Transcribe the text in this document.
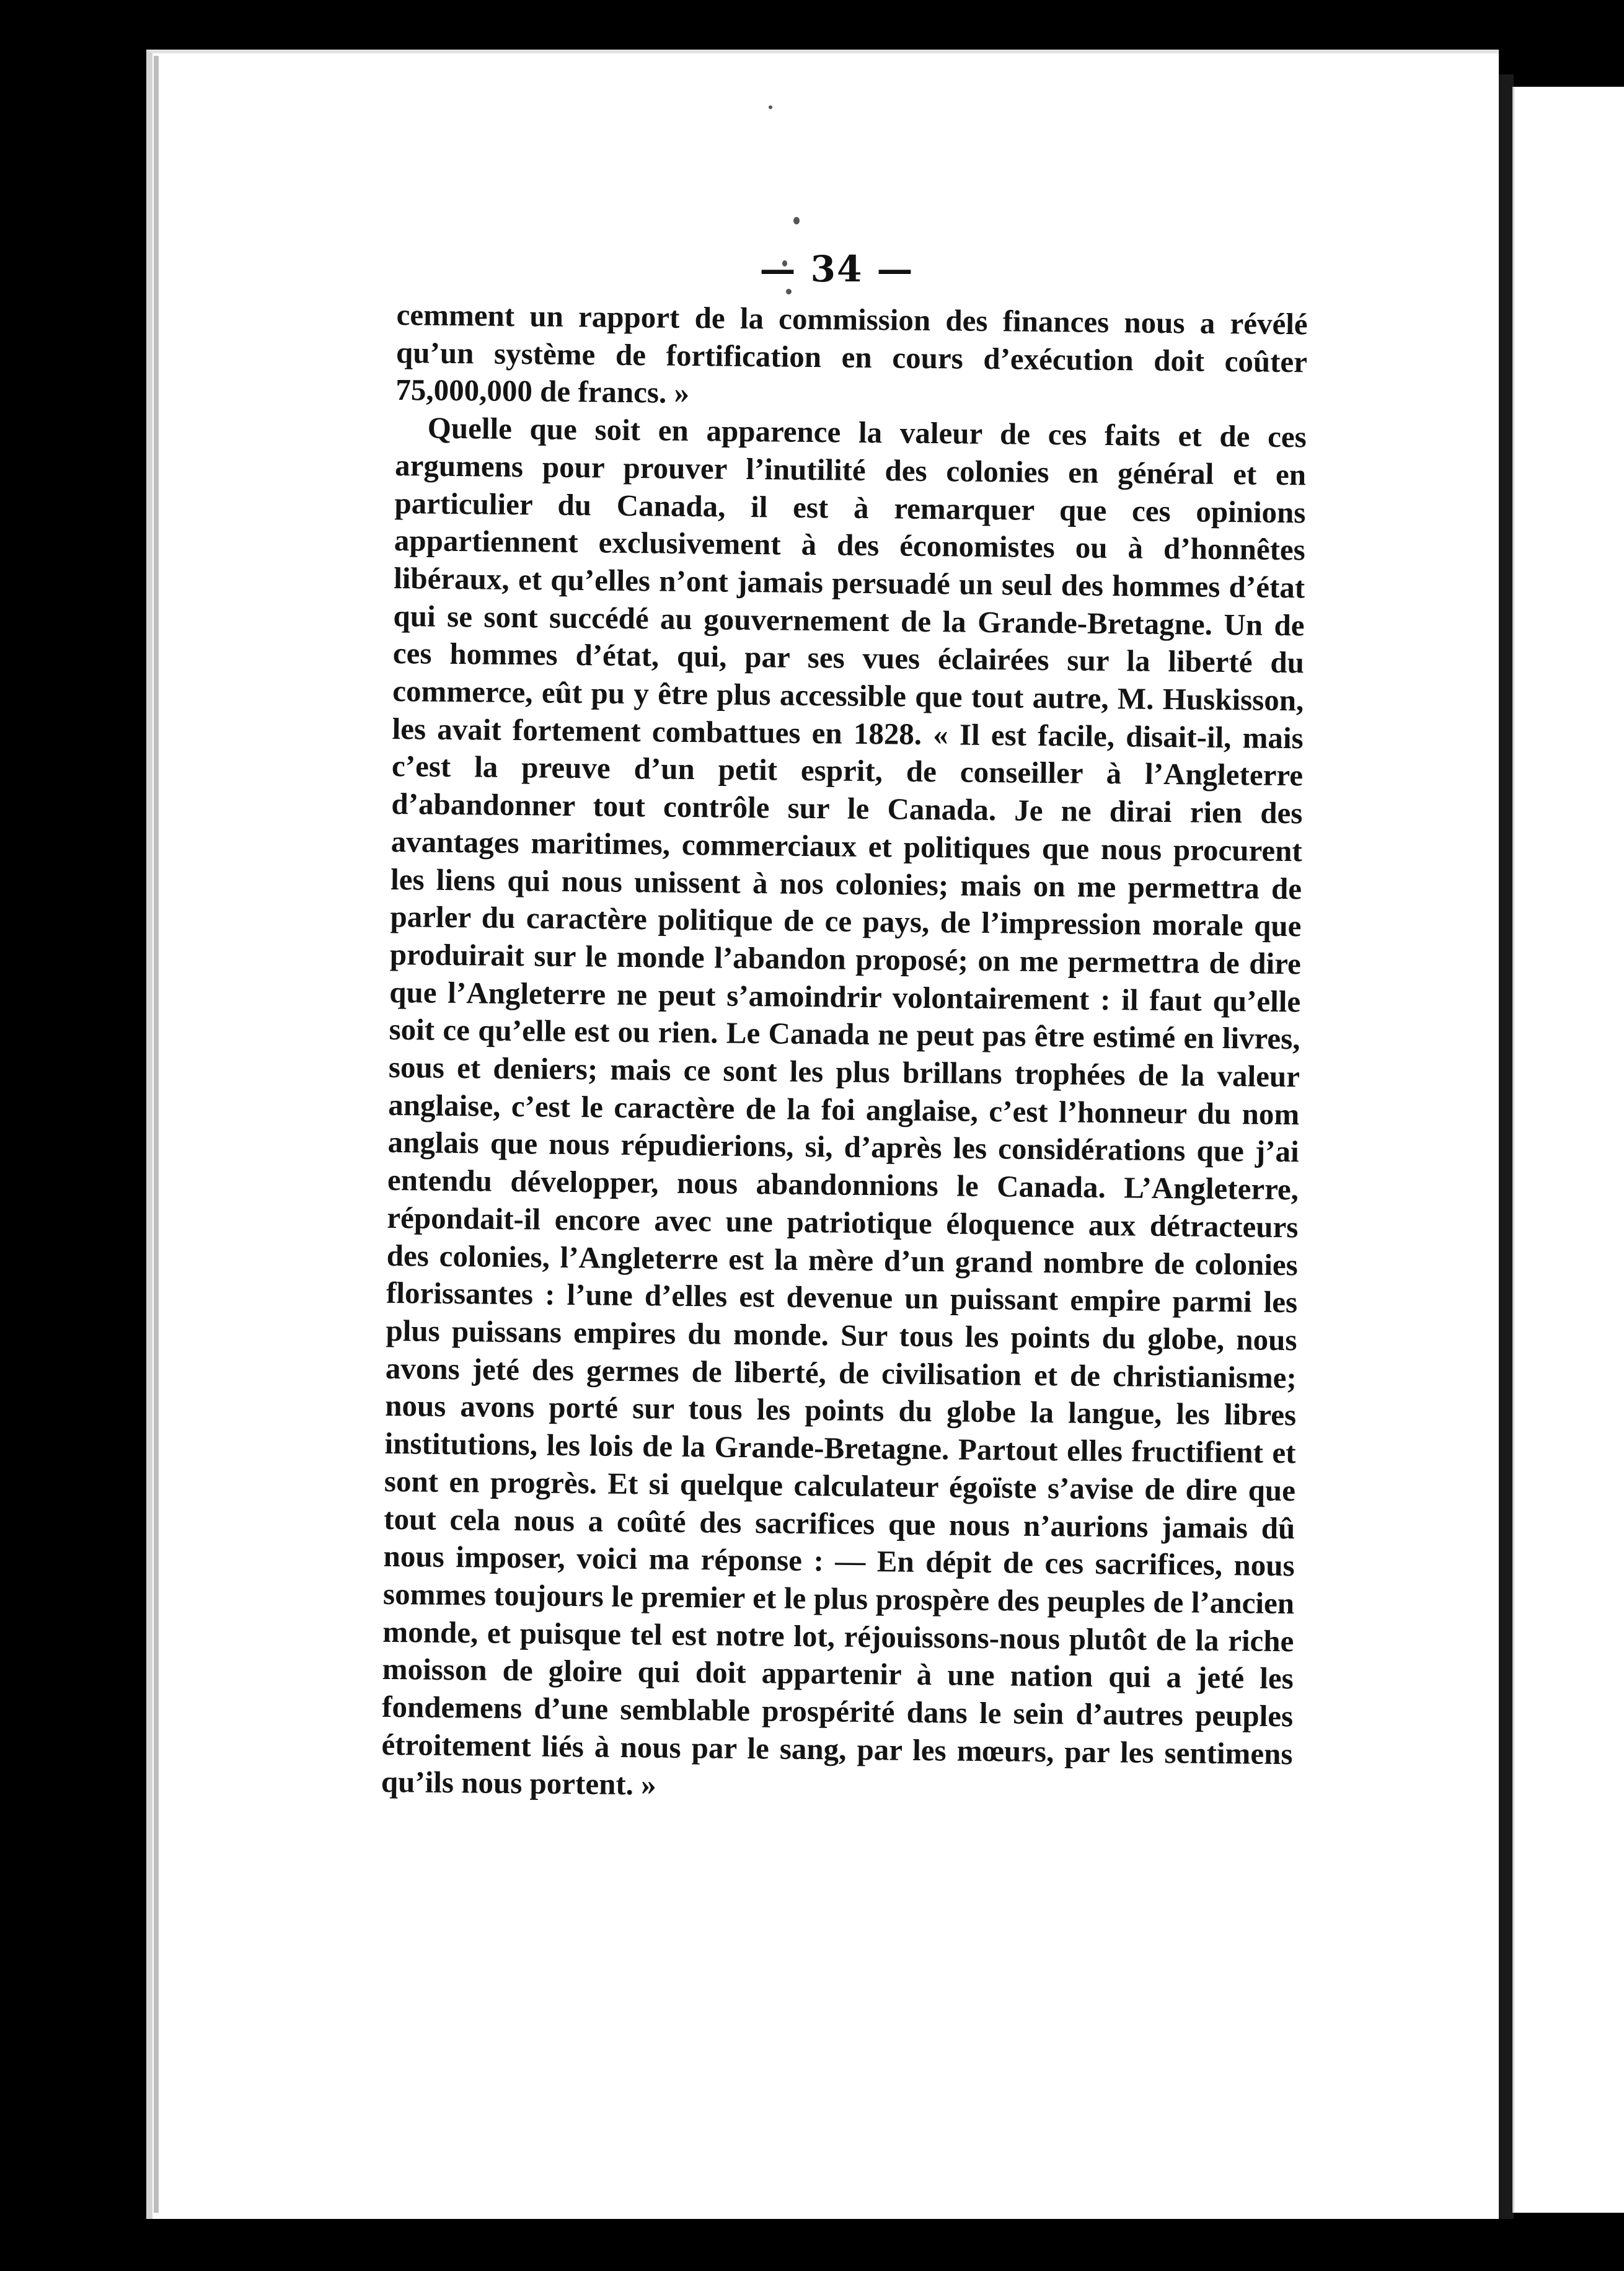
— 34 —

cemment un rapport de la commission des finances nous a révélé qu’un système de fortification en cours d’exécution doit coûter 75,000,000 de francs. »

Quelle que soit en apparence la valeur de ces faits et de ces argumens pour prouver l’inutilité des colonies en général et en particulier du Canada, il est à remarquer que ces opinions appartiennent exclusivement à des économistes ou à d’honnêtes libéraux, et qu’elles n’ont jamais persuadé un seul des hommes d’état qui se sont succédé au gouvernement de la Grande-Bretagne. Un de ces hommes d’état, qui, par ses vues éclairées sur la liberté du commerce, eût pu y être plus accessible que tout autre, M. Huskisson, les avait fortement combattues en 1828. « Il est facile, disait-il, mais c’est la preuve d’un petit esprit, de conseiller à l’Angleterre d’abandonner tout contrôle sur le Canada. Je ne dirai rien des avantages maritimes, commerciaux et politiques que nous procurent les liens qui nous unissent à nos colonies; mais on me permettra de parler du caractère politique de ce pays, de l’impression morale que produirait sur le monde l’abandon proposé; on me permettra de dire que l’Angleterre ne peut s’amoindrir volontairement : il faut qu’elle soit ce qu’elle est ou rien. Le Canada ne peut pas être estimé en livres, sous et deniers; mais ce sont les plus brillans trophées de la valeur anglaise, c’est le caractère de la foi anglaise, c’est l’honneur du nom anglais que nous répudierions, si, d’après les considérations que j’ai entendu développer, nous abandonnions le Canada. L’Angleterre, répondait-il encore avec une patriotique éloquence aux détracteurs des colonies, l’Angleterre est la mère d’un grand nombre de colonies florissantes : l’une d’elles est devenue un puissant empire parmi les plus puissans empires du monde. Sur tous les points du globe, nous avons jeté des germes de liberté, de civilisation et de christianisme; nous avons porté sur tous les points du globe la langue, les libres institutions, les lois de la Grande-Bretagne. Partout elles fructifient et sont en progrès. Et si quelque calculateur égoïste s’avise de dire que tout cela nous a coûté des sacrifices que nous n’aurions jamais dû nous imposer, voici ma réponse : — En dépit de ces sacrifices, nous sommes toujours le premier et le plus prospère des peuples de l’ancien monde, et puisque tel est notre lot, réjouissons-nous plutôt de la riche moisson de gloire qui doit appartenir à une nation qui a jeté les fondemens d’une semblable prospérité dans le sein d’autres peuples étroitement liés à nous par le sang, par les mœurs, par les sentimens qu’ils nous portent. »
